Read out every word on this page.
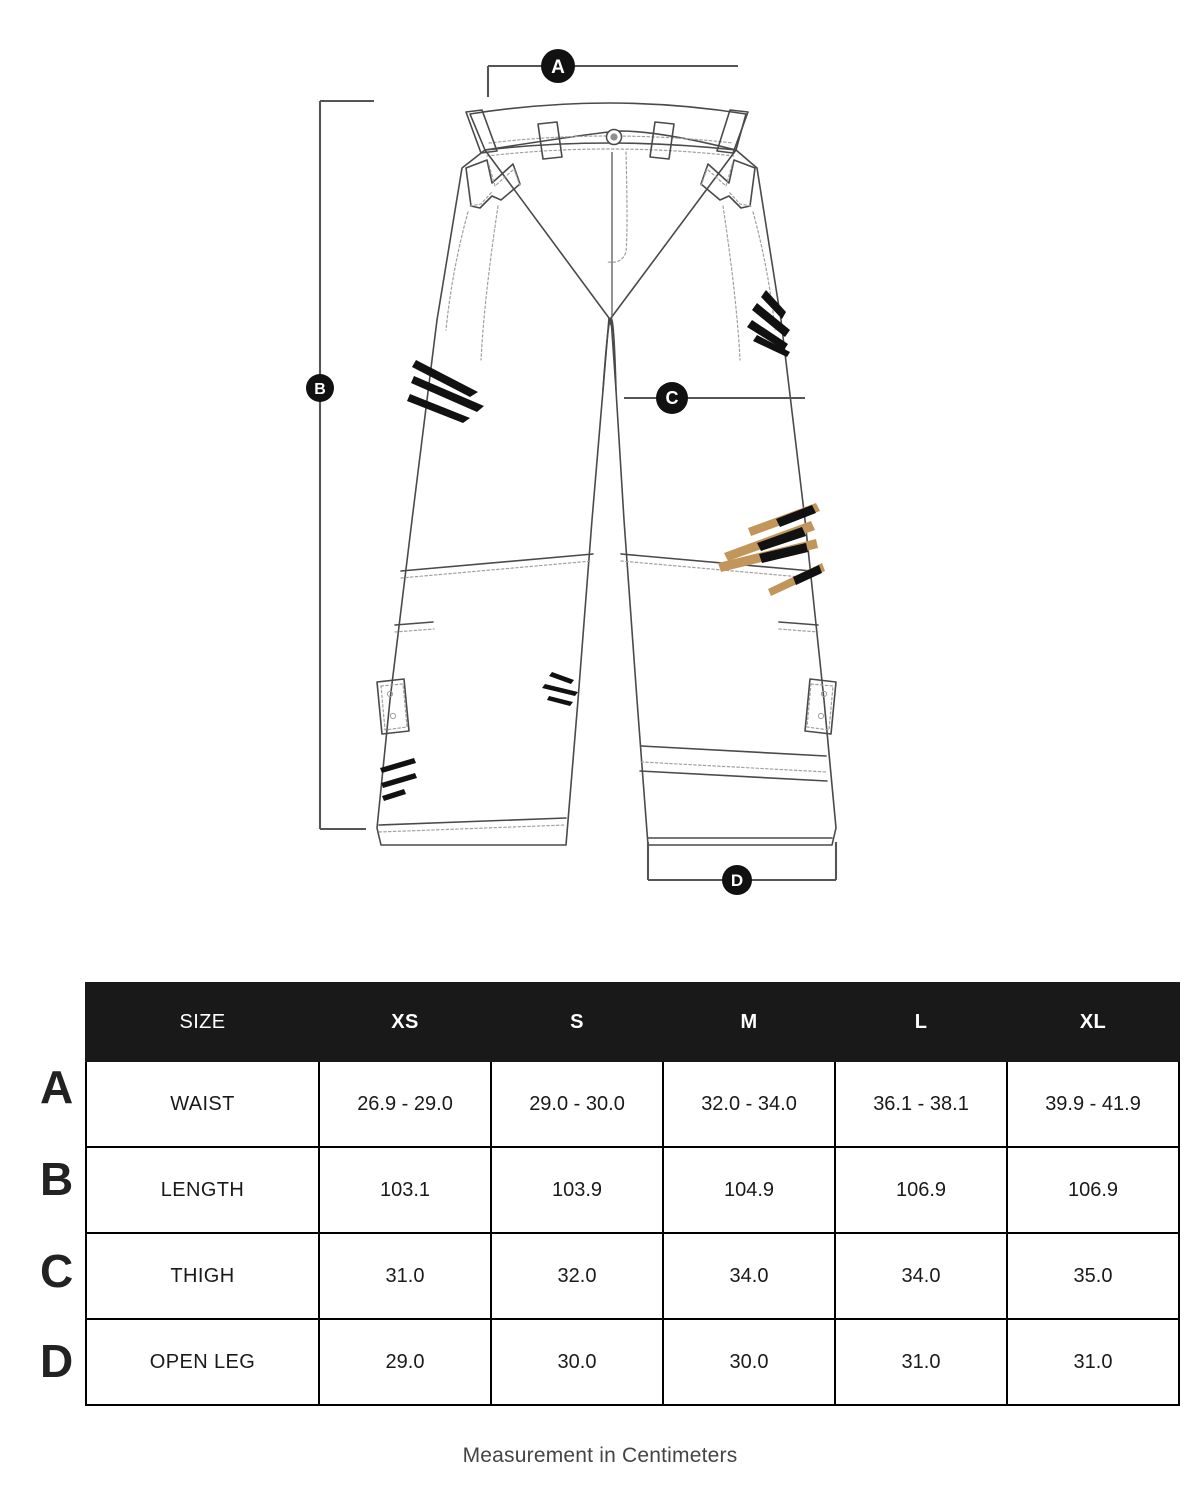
A
B	C
D
A
B
C
D
SIZE	XS	S	M	L	XL
WAIST	26.9 - 29.0	29.0 - 30.0	32.0 - 34.0	36.1 - 38.1	39.9 - 41.9
LENGTH	103.1	103.9	104.9	106.9	106.9
THIGH	31.0	32.0	34.0	34.0	35.0
OPEN LEG	29.0	30.0	30.0	31.0	31.0
Measurement in Centimeters
